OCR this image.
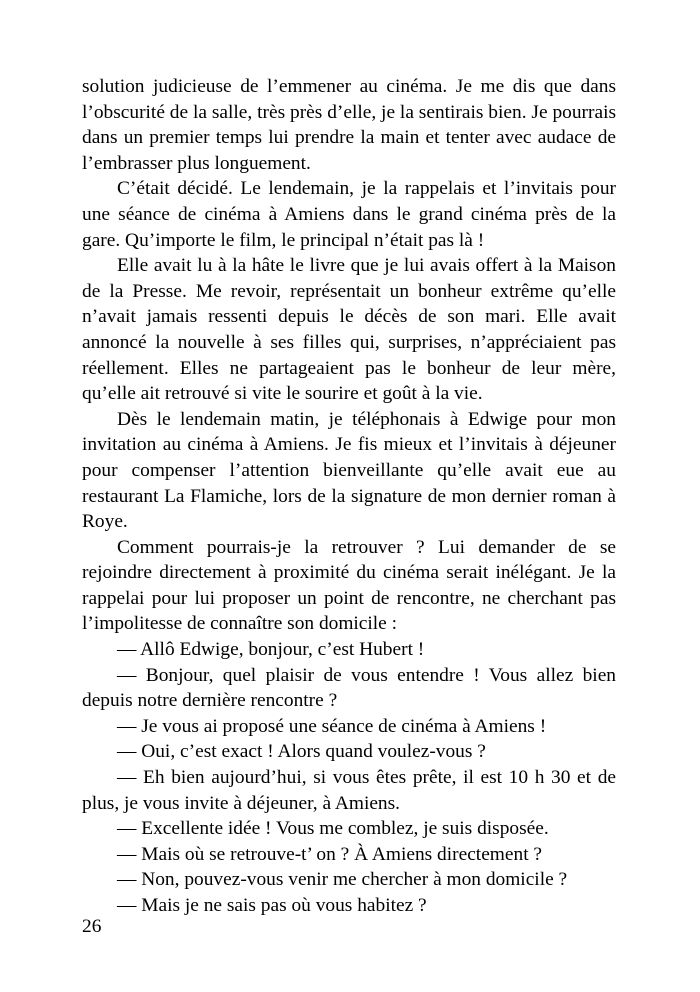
solution judicieuse de l’emmener au cinéma. Je me dis que dans l’obscurité de la salle, très près d’elle, je la sentirais bien. Je pourrais dans un premier temps lui prendre la main et tenter avec audace de l’embrasser plus longuement.

C’était décidé. Le lendemain, je la rappelais et l’invitais pour une séance de cinéma à Amiens dans le grand cinéma près de la gare. Qu’importe le film, le principal n’était pas là !

Elle avait lu à la hâte le livre que je lui avais offert à la Maison de la Presse. Me revoir, représentait un bonheur extrême qu’elle n’avait jamais ressenti depuis le décès de son mari. Elle avait annoncé la nouvelle à ses filles qui, surprises, n’appréciaient pas réellement. Elles ne partageaient pas le bonheur de leur mère, qu’elle ait retrouvé si vite le sourire et goût à la vie.

Dès le lendemain matin, je téléphonais à Edwige pour mon invitation au cinéma à Amiens. Je fis mieux et l’invitais à déjeuner pour compenser l’attention bienveillante qu’elle avait eue au restaurant La Flamiche, lors de la signature de mon dernier roman à Roye.

Comment pourrais-je la retrouver ? Lui demander de se rejoindre directement à proximité du cinéma serait inélégant. Je la rappelai pour lui proposer un point de rencontre, ne cherchant pas l’impolitesse de connaître son domicile :

— Allô Edwige, bonjour, c’est Hubert !

— Bonjour, quel plaisir de vous entendre ! Vous allez bien depuis notre dernière rencontre ?

— Je vous ai proposé une séance de cinéma à Amiens !

— Oui, c’est exact ! Alors quand voulez-vous ?

— Eh bien aujourd’hui, si vous êtes prête, il est 10 h 30 et de plus, je vous invite à déjeuner, à Amiens.

— Excellente idée ! Vous me comblez, je suis disposée.

— Mais où se retrouve-t’ on ? À Amiens directement ?

— Non, pouvez-vous venir me chercher à mon domicile ?

— Mais je ne sais pas où vous habitez ?

26
